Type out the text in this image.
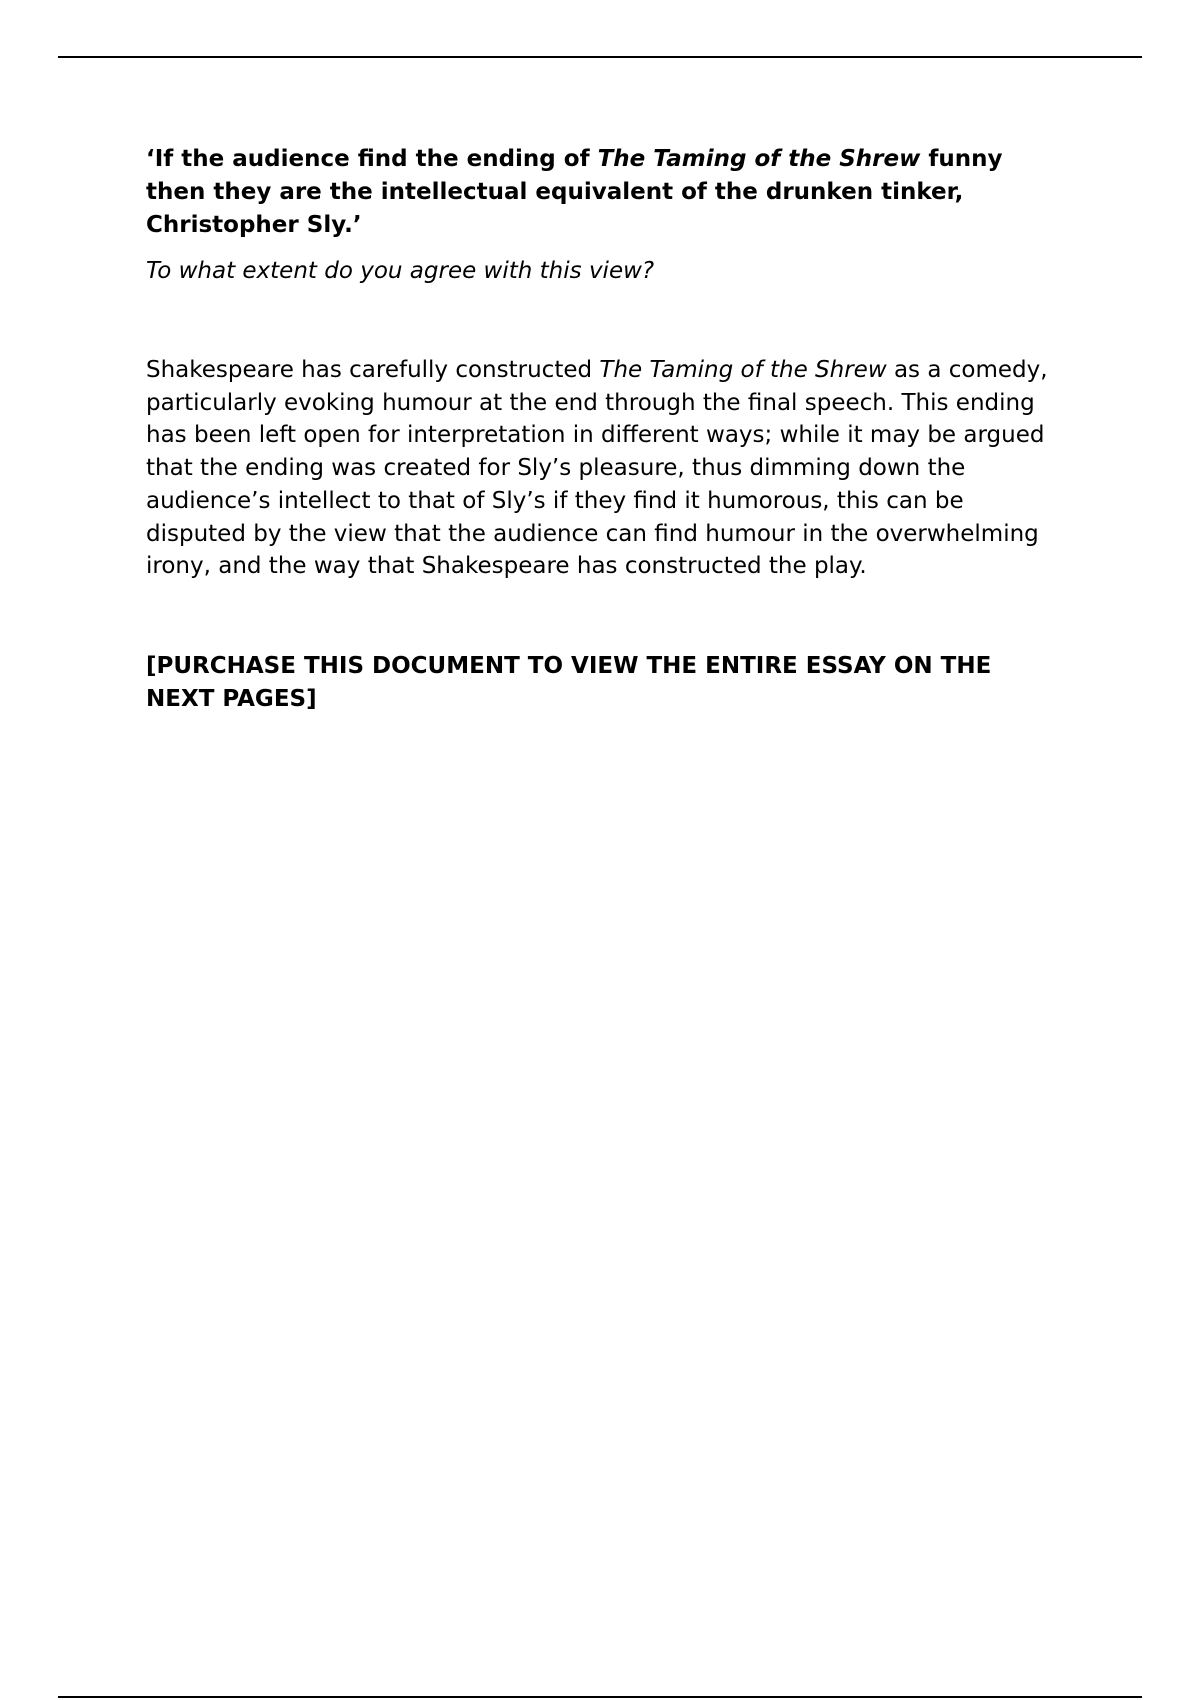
‘If the audience find the ending of The Taming of the Shrew funny then they are the intellectual equivalent of the drunken tinker, Christopher Sly.’

To what extent do you agree with this view?

Shakespeare has carefully constructed The Taming of the Shrew as a comedy, particularly evoking humour at the end through the final speech. This ending has been left open for interpretation in different ways; while it may be argued that the ending was created for Sly’s pleasure, thus dimming down the audience’s intellect to that of Sly’s if they find it humorous, this can be disputed by the view that the audience can find humour in the overwhelming irony, and the way that Shakespeare has constructed the play.

[PURCHASE THIS DOCUMENT TO VIEW THE ENTIRE ESSAY ON THE NEXT PAGES]
